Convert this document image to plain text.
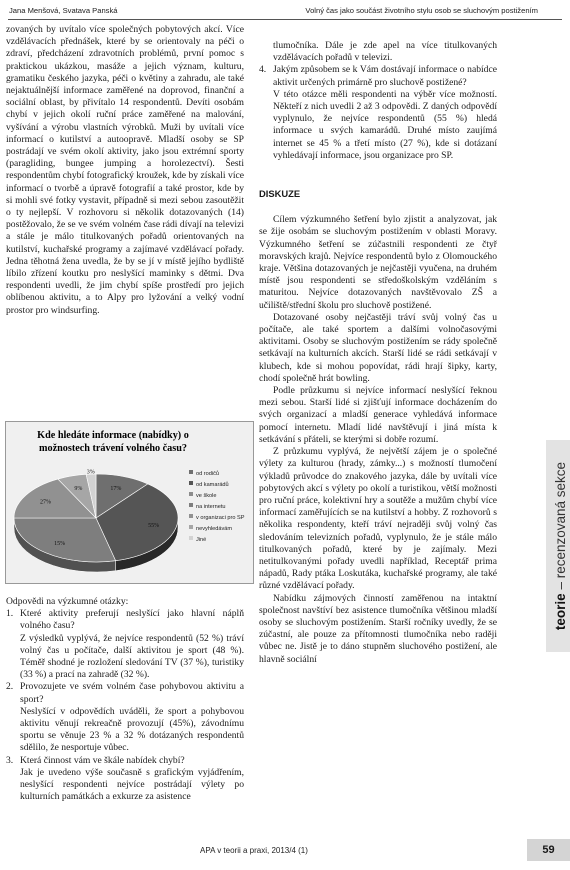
Jana Menšová, Svatava Panská	Volný čas jako součást životního stylu osob se sluchovým postižením

zovaných by uvítalo více společných pobytových akcí. Více vzdělávacích přednášek, které by se orientovaly na péči o zdraví, předcházení zdravotních problémů, první pomoc s praktickou ukázkou, masáže a jejich význam, kulturu, gramatiku českého jazyka, péči o květiny a zahradu, ale také nejaktuálnější informace zaměřené na doprovod, finanční a sociální oblast, by přivítalo 14 respondentů. Devíti osobám chybí v jejich okolí ruční práce zaměřené na malování, vyšívání a výrobu vlastních výrobků. Muži by uvítali více informací o kutilství a autoopravě. Mladší osoby se SP postrádají ve svém okolí aktivity, jako jsou extrémní sporty (paragliding, bungee jumping a horolezectví). Šesti respondentům chybí fotografický kroužek, kde by získali více informací o tvorbě a úpravě fotografií a také prostor, kde by si mohli své fotky vystavit, případně si mezi sebou zasoutěžit o ty nejlepší. V rozhovoru si několik dotazovaných (14) postěžovalo, že se ve svém volném čase rádi dívají na televizi a stále je málo titulkovaných pořadů orientovaných na kutilství, kuchařské programy a zajímavé vzdělávací pořady. Jedna těhotná žena uvedla, že by se jí v místě jejího bydliště líbilo zřízení koutku pro neslyšící maminky s dětmi. Dva respondenti uvedli, že jim chybí spíše prostředí pro jejich oblíbenou aktivitu, a to Alpy pro lyžování a velký vodní prostor pro windsurfing.

Kde hledáte informace (nabídky) o
možnostech trávení volného času?
17%
55%
15%
27%
9%
3%	od rodičů
od kamarádů
ve škole
na internetu
v organizaci pro SP
nevyhledávám
Jiné

Odpovědi na výzkumné otázky:

1. Které aktivity preferují neslyšící jako hlavní náplň volného času?

Z výsledků vyplývá, že nejvíce respondentů (52 %) tráví volný čas u počítače, další aktivitou je sport (48 %). Téměř shodné je rozložení sledování TV (37 %), turistiky (33 %) a prací na zahradě (32 %).

2. Provozujete ve svém volném čase pohybovou aktivitu a sport?

Neslyšící v odpovědích uváděli, že sport a pohybovou aktivitu věnují rekreačně provozují (45%), závodnímu sportu se věnuje 23 % a 32 % dotázaných respondentů sdělilo, že nesportuje vůbec.

3. Která činnost vám ve škále nabídek chybí?

Jak je uvedeno výše současně s grafickým vyjádřením, neslyšící respondenti nejvíce postrádají výlety po kulturních památkách a exkurze za asistence

tlumočníka. Dále je zde apel na více titulkovaných vzdělávacích pořadů v televizi.

4. Jakým způsobem se k Vám dostávají informace o nabídce aktivit určených primárně pro sluchově postižené?

V této otázce měli respondenti na výběr více možností. Někteří z nich uvedli 2 až 3 odpovědi. Z daných odpovědí vyplynulo, že nejvíce respondentů (55 %) hledá informace u svých kamarádů. Druhé místo zaujímá internet se 45 % a třetí místo (27 %), kde si dotázaní vyhledávají informace, jsou organizace pro SP.

DISKUZE

Cílem výzkumného šetření bylo zjistit a analyzovat, jak se žije osobám se sluchovým postižením v oblasti Moravy. Výzkumného šetření se zúčastnili respondenti ze čtyř moravských krajů. Nejvíce respondentů bylo z Olomouckého kraje. Většina dotazovaných je nejčastěji vyučena, na druhém místě jsou respondenti se středoškolským vzděláním s maturitou. Nejvíce dotazovaných navštěvovalo ZŠ a učiliště/střední školu pro sluchově postižené.

Dotazované osoby nejčastěji tráví svůj volný čas u počítače, ale také sportem a dalšími volnočasovými aktivitami. Osoby se sluchovým postižením se rády společně setkávají na kulturních akcích. Starší lidé se rádi setkávají v klubech, kde si mohou popovídat, rádi hrají šipky, karty, chodí společně hrát bowling.

Podle průzkumu si nejvíce informací neslyšící řeknou mezi sebou. Starší lidé si zjišťují informace docházením do svých organizací a mladší generace vyhledává informace pomocí internetu. Mladí lidé navštěvují i jiná místa k setkávání s přáteli, se kterými si dobře rozumí.

Z průzkumu vyplývá, že největší zájem je o společné výlety za kulturou (hrady, zámky...) s možností tlumočení výkladů průvodce do znakového jazyka, dále by uvítali více pobytových akcí s výlety po okolí a turistikou, větší možnosti pro ruční práce, kolektivní hry a soutěže a mužům chybí více informací zaměřujících se na kutilství a hobby. Z rozhovorů s několika respondenty, kteří tráví nejraději svůj volný čas sledováním televizních pořadů, vyplynulo, že je stále málo titulkovaných pořadů, které by je zajímaly. Mezi netitulkovanými pořady uvedli například, Receptář prima nápadů, Rady ptáka Loskutáka, kuchařské programy, ale také různé vzdělávací pořady.

Nabídku zájmových činností zaměřenou na intaktní společnost navštíví bez asistence tlumočníka většinou mladší osoby se sluchovým postižením. Starší ročníky uvedly, že se zúčastní, ale pouze za přítomnosti tlumočníka nebo raději vůbec ne. Jistě je to dáno stupněm sluchového postižení, ale hlavně sociální

teorie – recenzovaná sekce
APA v teorii a praxi, 2013/4 (1)	59
